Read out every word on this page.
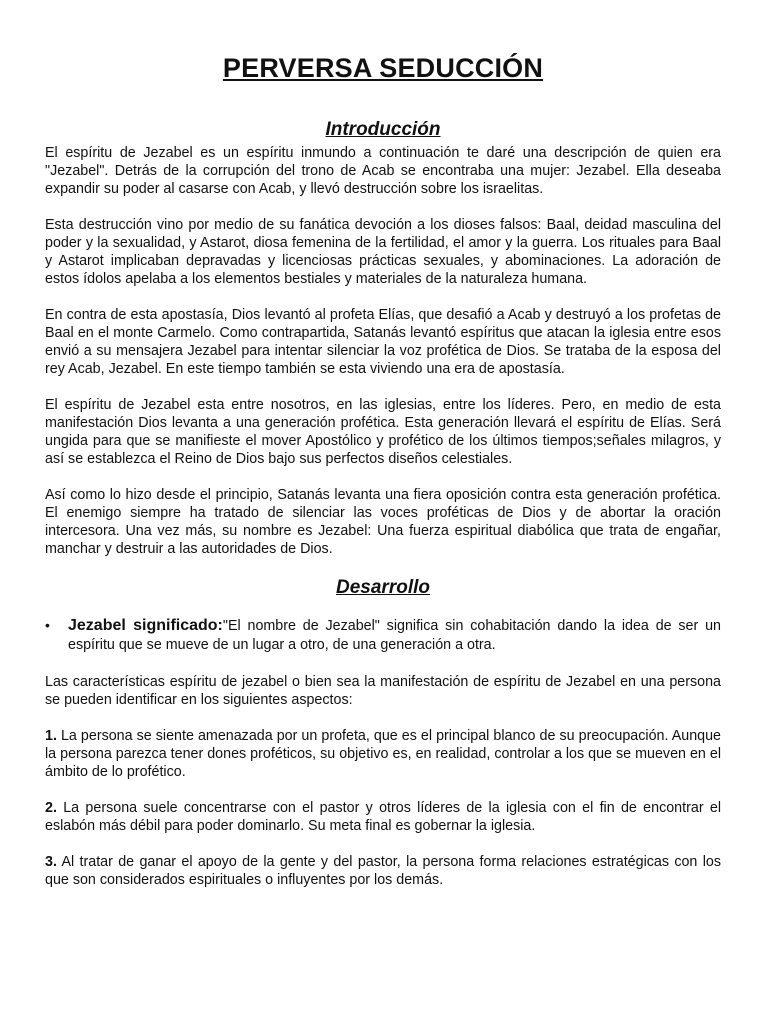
PERVERSA SEDUCCIÓN
Introducción

El espíritu de Jezabel es un espíritu inmundo a continuación te daré una descripción de quien era "Jezabel". Detrás de la corrupción del trono de Acab se encontraba una mujer: Jezabel. Ella deseaba expandir su poder al casarse con Acab, y llevó destrucción sobre los israelitas.

Esta destrucción vino por medio de su fanática devoción a los dioses falsos: Baal, deidad masculina del poder y la sexualidad, y Astarot, diosa femenina de la fertilidad, el amor y la guerra. Los rituales para Baal y Astarot implicaban depravadas y licenciosas prácticas sexuales, y abominaciones. La adoración de estos ídolos apelaba a los elementos bestiales y materiales de la naturaleza humana.

En contra de esta apostasía, Dios levantó al profeta Elías, que desafió a Acab y destruyó a los profetas de Baal en el monte Carmelo. Como contrapartida, Satanás levantó espíritus que atacan la iglesia entre esos envió a su mensajera Jezabel para intentar silenciar la voz profética de Dios. Se trataba de la esposa del rey Acab, Jezabel. En este tiempo también se esta viviendo una era de apostasía.

El espíritu de Jezabel esta entre nosotros, en las iglesias, entre los líderes. Pero, en medio de esta manifestación Dios levanta a una generación profética. Esta generación llevará el espíritu de Elías. Será ungida para que se manifieste el mover Apostólico y profético de los últimos tiempos;señales milagros, y así se establezca el Reino de Dios bajo sus perfectos diseños celestiales.

Así como lo hizo desde el principio, Satanás levanta una fiera oposición contra esta generación profética. El enemigo siempre ha tratado de silenciar las voces proféticas de Dios y de abortar la oración intercesora. Una vez más, su nombre es Jezabel: Una fuerza espiritual diabólica que trata de engañar, manchar y destruir a las autoridades de Dios.

Desarrollo
• Jezabel significado:"El nombre de Jezabel" significa sin cohabitación dando la idea de ser un espíritu que se mueve de un lugar a otro, de una generación a otra.

Las características espíritu de jezabel o bien sea la manifestación de espíritu de Jezabel en una persona se pueden identificar en los siguientes aspectos:

1. La persona se siente amenazada por un profeta, que es el principal blanco de su preocupación. Aunque la persona parezca tener dones proféticos, su objetivo es, en realidad, controlar a los que se mueven en el ámbito de lo profético.

2. La persona suele concentrarse con el pastor y otros líderes de la iglesia con el fin de encontrar el eslabón más débil para poder dominarlo. Su meta final es gobernar la iglesia.

3. Al tratar de ganar el apoyo de la gente y del pastor, la persona forma relaciones estratégicas con los que son considerados espirituales o influyentes por los demás.
